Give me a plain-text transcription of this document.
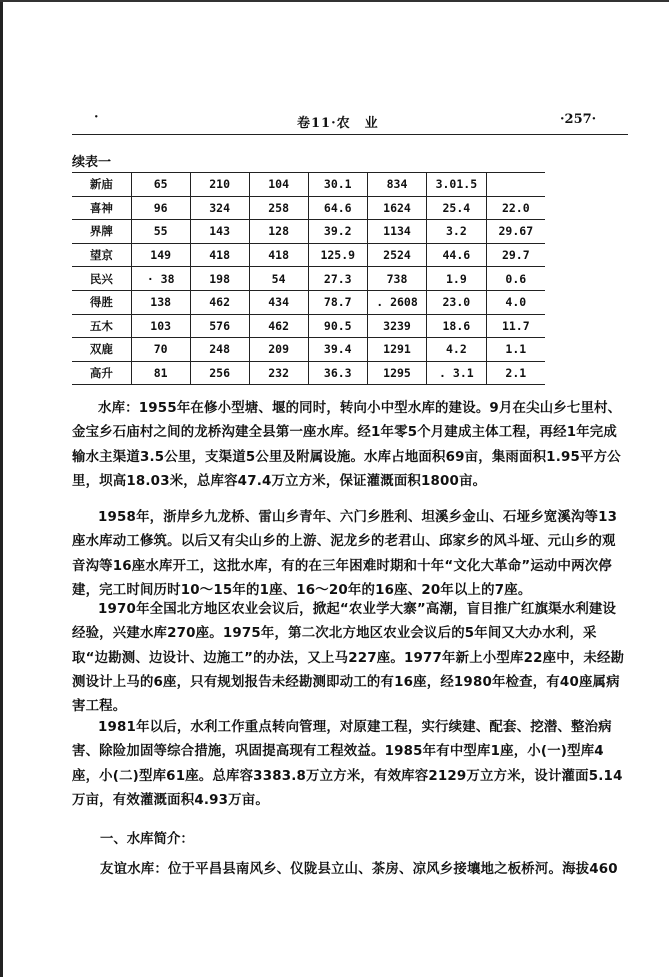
·	卷11·农　业	·257·
续表一
新庙	65	210	104	30.1	834	3.01.5	
喜神	96	324	258	64.6	1624	25.4	22.0
界牌	55	143	128	39.2	1134	3.2	29.67
望京	149	418	418	125.9	2524	44.6	29.7
民兴	· 38	198	54	27.3	738	1.9	0.6
得胜	138	462	434	78.7	. 2608	23.0	4.0
五木	103	576	462	90.5	3239	18.6	11.7
双鹿	70	248	209	39.4	1291	4.2	1.1
高升	81	256	232	36.3	1295	. 3.1	2.1

水库：1955年在修小型塘、堰的同时，转向小中型水库的建设。9月在尖山乡七里村、金宝乡石庙村之间的龙桥沟建全县第一座水库。经1年零5个月建成主体工程，再经1年完成输水主渠道3.5公里，支渠道5公里及附属设施。水库占地面积69亩，集雨面积1.95平方公里，坝高18.03米，总库容47.4万立方米，保证灌溉面积1800亩。

1958年，浙岸乡九龙桥、雷山乡青年、六门乡胜利、坦溪乡金山、石垭乡宽溪沟等13座水库动工修筑。以后又有尖山乡的上游、泥龙乡的老君山、邱家乡的风斗垭、元山乡的观音沟等16座水库开工，这批水库，有的在三年困难时期和十年“文化大革命”运动中两次停建，完工时间历时10～15年的1座、16～20年的16座、20年以上的7座。

1970年全国北方地区农业会议后，掀起“农业学大寨”高潮，盲目推广红旗渠水利建设经验，兴建水库270座。1975年，第二次北方地区农业会议后的5年间又大办水利，采取“边勘测、边设计、边施工”的办法，又上马227座。1977年新上小型库22座中，未经勘测设计上马的6座，只有规划报告未经勘测即动工的有16座，经1980年检查，有40座属病害工程。

1981年以后，水利工作重点转向管理，对原建工程，实行续建、配套、挖潜、整治病害、除险加固等综合措施，巩固提高现有工程效益。1985年有中型库1座，小(一)型库4座，小(二)型库61座。总库容3383.8万立方米，有效库容2129万立方米，设计灌面5.14万亩，有效灌溉面积4.93万亩。

一、水库简介：
友谊水库：位于平昌县南风乡、仪陇县立山、茶房、凉风乡接壤地之板桥河。海拔460
